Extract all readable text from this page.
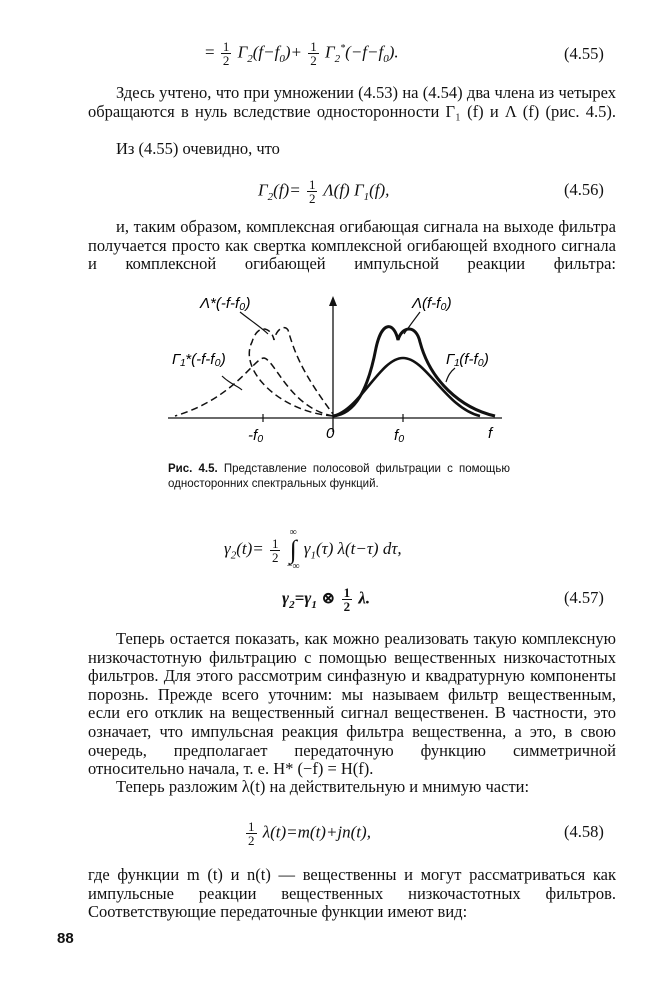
= $\frac{1}{2} \Gamma_2(f-f_0)+ \frac{1}{2} \Gamma_2^*(-f-f_0)$.	(4.55)
Здесь учтено, что при умножении (4.53) на (4.54) два члена из четырех обращаются в нуль вследствие односторонности Γ₁ (f) и Λ (f) (рис. 4.5).
Из (4.55) очевидно, что
$\Gamma_2(f)= \frac{1}{2} \Lambda(f)$ $\Gamma_1(f)$,	(4.56)
и, таким образом, комплексная огибающая сигнала на выходе фильтра получается просто как свертка комплексной огибающей входного сигнала и комплексной огибающей импульсной реакции фильтра:
Λ*(-f-f₀)	Λ(f-f₀)
Γ₁*(-f-f₀)	Γ₁(f-f₀)
-f₀	0	f₀	f
Рис. 4.5. Представление полосовой фильтрации с помощью односторонних спектральных функций.
$\gamma_2(t)= \frac{1}{2}$

∞
∫
−∞
$\gamma_1(\tau)$ λ(t−τ) dτ,
$\gamma_2=\gamma_1$ ⊗ $\frac{1}{2} \lambda$.	(4.57)
Теперь остается показать, как можно реализовать такую комплексную низкочастотную фильтрацию с помощью вещественных низкочастотных фильтров. Для этого рассмотрим синфазную и квадратурную компоненты порознь. Прежде всего уточним: мы называем фильтр вещественным, если его отклик на вещественный сигнал вещественен. В частности, это означает, что импульсная реакция фильтра вещественна, а это, в свою очередь, предполагает передаточную функцию симметричной относительно начала, т. е. H* (−f) = H(f).
Теперь разложим λ(t) на действительную и мнимую части:
$\frac{1}{2} \lambda(t)=m(t)+jn(t)$,	(4.58)
где функции m (t) и n(t) — вещественны и могут рассматриваться как импульсные реакции вещественных низкочастотных фильтров. Соответствующие передаточные функции имеют вид:
88
